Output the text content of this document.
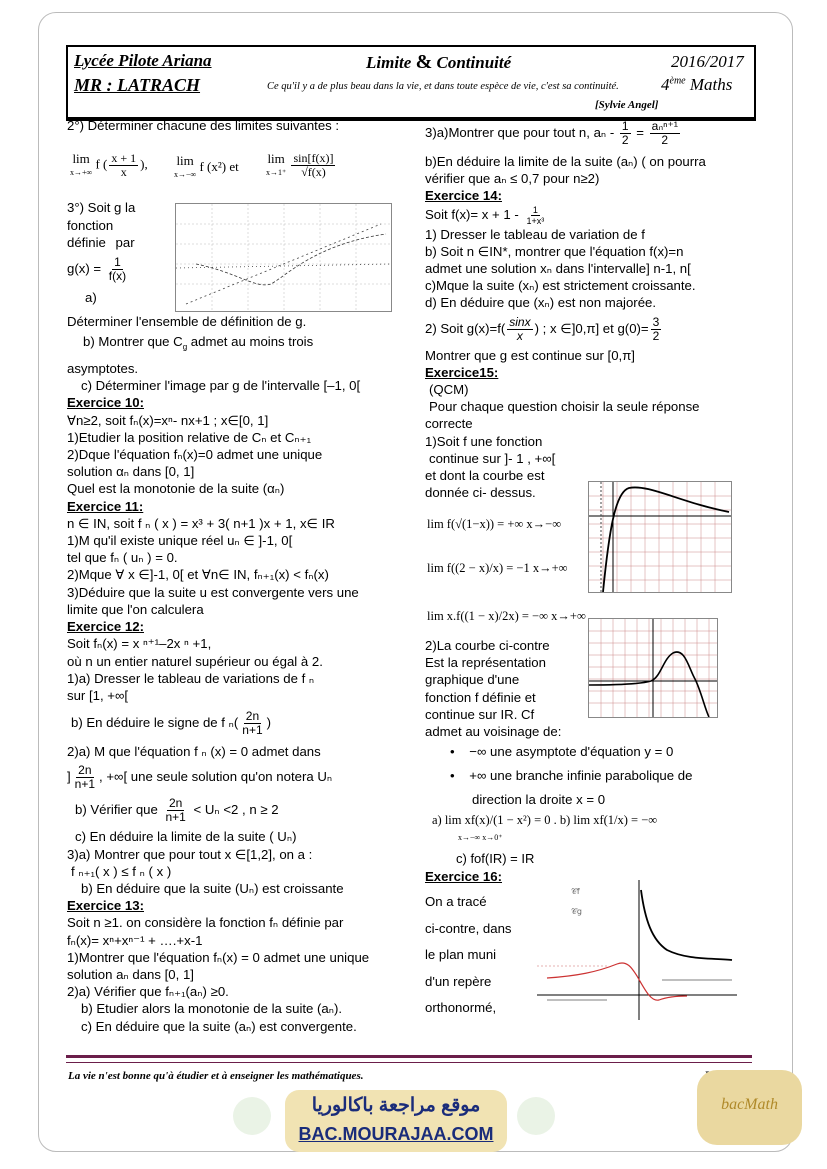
Lycée Pilote Ariana
MR : LATRACH
Limite & Continuité	2016/2017
Ce qu'il y a de plus beau dans la vie, et dans toute espèce de vie, c'est sa continuité.	4ème Maths
[Sylvie Angel]

2°) Déterminer chacune des limites suivantes :

lim
x→+∞ f ( $\frac{x + 1}{x}$ ), lim
x→−∞ f (x²) et
lim
$x\to 1^+ \frac{\sin[f(x)]}{√f(x)}$

3°) Soit g la

fonction

définie par

$g(x) = \frac{1}{f(x)}$

a)

Déterminer l'ensemble de définition de g.

b) Montrer que $C_g$ admet au moins trois

asymptotes.

c) Déterminer l'image par g de l'intervalle [–1, 0[

Exercice 10:

∀n≥2, soit fₙ(x)=xⁿ- nx+1 ; x∈[0, 1]

1)Etudier la position relative de Cₙ et Cₙ₊₁

2)Dque l'équation fₙ(x)=0 admet une unique

solution αₙ dans [0, 1]

Quel est la monotonie de la suite (αₙ)

Exercice 11:

n ∈ IN, soit f ₙ ( x ) = x³ + 3( n+1 )x + 1, x∈ IR

1)M qu'il existe unique réel uₙ ∈ ]-1, 0[

tel que fₙ ( uₙ ) = 0.

2)Mque ∀ x ∈]-1, 0[ et ∀n∈ IN, fₙ₊₁(x) < fₙ(x)

3)Déduire que la suite u est convergente vers une

limite que l'on calculera

Exercice 12:

Soit fₙ(x) = x ⁿ⁺¹–2x ⁿ +1,

où n un entier naturel supérieur ou égal à 2.

1)a) Dresser le tableau de variations de f ₙ

sur [1, +∞[

b) En déduire le signe de f $_n( \frac{2n}{n+1}$ )

2)a) M que l'équation f ₙ (x) = 0 admet dans

] $\frac{2n}{n+1}$ , +∞[ une seule solution qu'on notera Uₙ

b) Vérifier que $\frac{2n}{n+1} < U_n <2$ , n ≥ 2

c) En déduire la limite de la suite ( Uₙ)

3)a) Montrer que pour tout x ∈[1,2], on a :

f ₙ₊₁( x ) ≤ f ₙ ( x )

b) En déduire que la suite (Uₙ) est croissante

Exercice 13:

Soit n ≥1. on considère la fonction fₙ définie par

fₙ(x)= xⁿ+xⁿ⁻¹ + ….+x-1

1)Montrer que l'équation fₙ(x) = 0 admet une unique

solution aₙ dans [0, 1]

2)a) Vérifier que fₙ₊₁(aₙ) ≥0.

b) Etudier alors la monotonie de la suite (aₙ).

c) En déduire que la suite (aₙ) est convergente.

3)a)Montrer que pour tout n, $a_n - \frac{1}{2} = \frac{\text{aₙⁿ⁺¹}}{2}$

b)En déduire la limite de la suite (aₙ) ( on pourra

vérifier que aₙ ≤ 0,7 pour n≥2)

Exercice 14:

Soit $f(x)= x + 1 - \frac{1}{\text{1+x³}}$

1) Dresser le tableau de variation de f

b) Soit n ∈IN*, montrer que l'équation f(x)=n

admet une solution xₙ dans l'intervalle] n-1, n[

c)Mque la suite (xₙ) est strictement croissante.

d) En déduire que (xₙ) est non majorée.

2) Soit $g(x)=f( \frac{\sin x}{x}$ ) ; x ∈]0,π] et $g(0)= \frac{3}{2}$

Montrer que g est continue sur [0,π]

Exercice15:

(QCM)

Pour chaque question choisir la seule réponse

correcte

1)Soit f une fonction

continue sur ]- 1 , +∞[

et dont la courbe est

donnée ci- dessus.

lim f(√(1−x)) = +∞ x→−∞
lim f((2 − x)/x) = −1 x→+∞
lim x.f((1 − x)/2x) = −∞ x→+∞

2)La courbe ci-contre

Est la représentation

graphique d'une

fonction f définie et

continue sur IR. Cf

admet au voisinage de:

•    −∞ une asymptote d'équation y = 0

•    +∞ une branche infinie parabolique de

direction la droite x = 0

a) lim xf(x)/(1 − x²) = 0 . b) lim xf(1/x) = −∞

x→−∞ x→0⁺

c) fof(IR) = IR

Exercice 16:

On a tracé

ci-contre, dans

le plan muni

d'un repère

orthonormé,

𝒞f
𝒞g
La vie n'est bonne qu'à étudier et à enseigner les mathématiques.
موقع مراجعة باكالوريا
BAC.MOURAJAA.COM
bacMath
